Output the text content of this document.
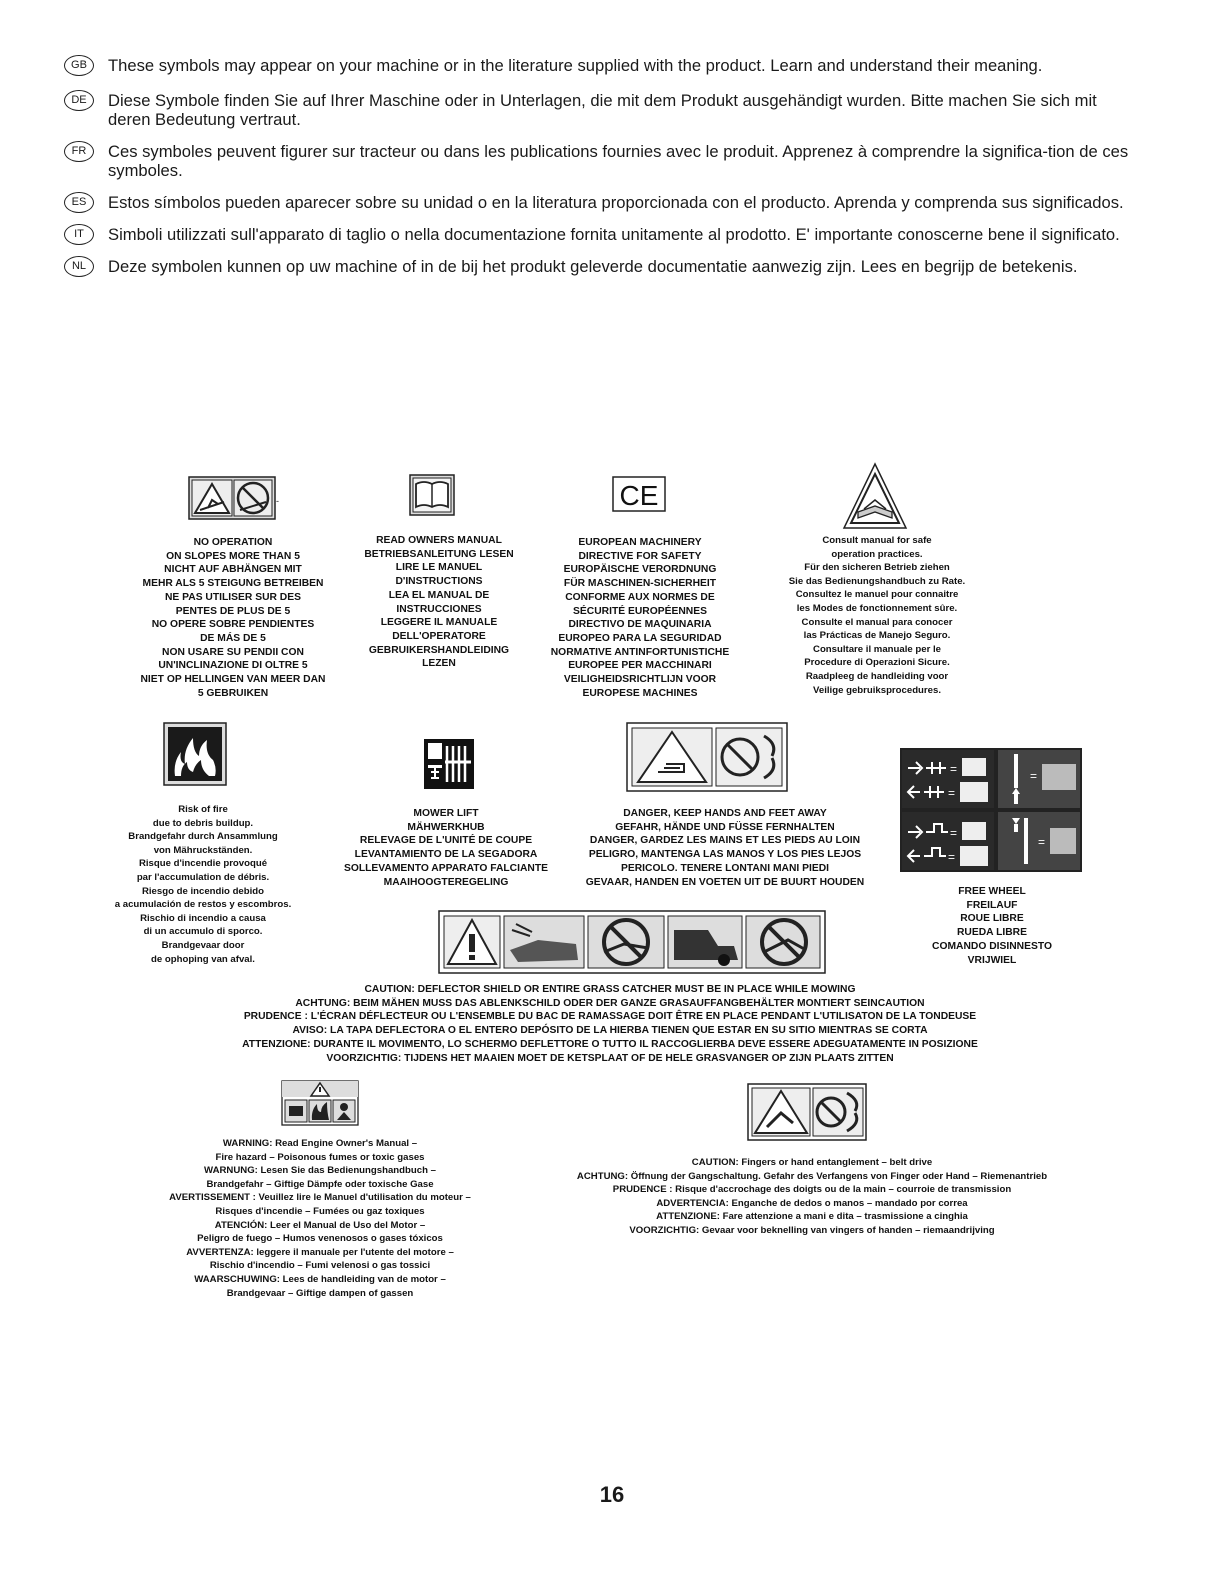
GB	These symbols may appear on your machine or in the literature supplied with the product. Learn and understand their meaning.
DE	Diese Symbole finden Sie auf Ihrer Maschine oder in Unterlagen, die mit dem Produkt ausgehändigt wurden. Bitte machen Sie sich mit deren Bedeutung vertraut.
FR	Ces symboles peuvent figurer sur tracteur ou dans les publications fournies avec le produit. Apprenez à comprendre la significa-tion de ces symboles.
ES	Estos símbolos pueden aparecer sobre su unidad o en la literatura proporcionada con el producto. Aprenda y comprenda sus significados.
IT	Simboli utilizzati sull'apparato di taglio o nella documentazione fornita unitamente al prodotto. E' importante conoscerne bene il significato.
NL	Deze symbolen kunnen op uw machine of in de bij het produkt geleverde documentatie aanwezig zijn. Lees en begrijp de betekenis.
-	CE
NO OPERATION
ON SLOPES MORE THAN 5
NICHT AUF ABHÄNGEN MIT
MEHR ALS 5 STEIGUNG BETREIBEN
NE PAS UTILISER SUR DES
PENTES DE PLUS DE 5
NO OPERE SOBRE PENDIENTES
DE MÁS DE 5
NON USARE SU PENDII CON
UN'INCLINAZIONE DI OLTRE 5
NIET OP HELLINGEN VAN MEER DAN
5 GEBRUIKEN
READ OWNERS MANUAL
BETRIEBSANLEITUNG LESEN
LIRE LE MANUEL
D'INSTRUCTIONS
LEA EL MANUAL DE
INSTRUCCIONES
LEGGERE IL MANUALE
DELL'OPERATORE
GEBRUIKERSHANDLEIDING
LEZEN
EUROPEAN MACHINERY
DIRECTIVE FOR SAFETY
EUROPÄISCHE VERORDNUNG
FÜR MASCHINEN-SICHERHEIT
CONFORME AUX NORMES DE
SÉCURITÉ EUROPÉENNES
DIRECTIVO DE MAQUINARIA
EUROPEO PARA LA SEGURIDAD
NORMATIVE ANTINFORTUNISTICHE
EUROPEE PER MACCHINARI
VEILIGHEIDSRICHTLIJN VOOR
EUROPESE MACHINES
Consult manual for safe
operation practices.
Für den sicheren Betrieb ziehen
Sie das Bedienungshandbuch zu Rate.
Consultez le manuel pour connaitre
les Modes de fonctionnement sûre.
Consulte el manual para conocer
las Prácticas de Manejo Seguro.
Consultare il manuale per le
Procedure di Operazioni Sicure.
Raadpleeg de handleiding voor
Veilige gebruiksprocedures.
=
=
=
=
=
=
Risk of fire
due to debris buildup.
Brandgefahr durch Ansammlung
von Mähruckständen.
Risque d'incendie provoqué
par l'accumulation de débris.
Riesgo de incendio debido
a acumulación de restos y escombros.
Rischio di incendio a causa
di un accumulo di sporco.
Brandgevaar door
de ophoping van afval.
MOWER LIFT
MÄHWERKHUB
RELEVAGE DE L'UNITÉ DE COUPE
LEVANTAMIENTO DE LA SEGADORA
SOLLEVAMENTO APPARATO FALCIANTE
MAAIHOOGTEREGELING
DANGER, KEEP HANDS AND FEET AWAY
GEFAHR, HÄNDE UND FÜSSE FERNHALTEN
DANGER, GARDEZ LES MAINS ET LES PIEDS AU LOIN
PELIGRO, MANTENGA LAS MANOS Y LOS PIES LEJOS
PERICOLO. TENERE LONTANI MANI PIEDI
GEVAAR, HANDEN EN VOETEN UIT DE BUURT HOUDEN
FREE WHEEL
FREILAUF
ROUE LIBRE
RUEDA LIBRE
COMANDO DISINNESTO
VRIJWIEL
CAUTION: DEFLECTOR SHIELD OR ENTIRE GRASS CATCHER MUST BE IN PLACE WHILE MOWING
ACHTUNG: BEIM MÄHEN MUSS DAS ABLENKSCHILD ODER DER GANZE GRASAUFFANGBEHÄLTER MONTIERT SEINCAUTION
PRUDENCE : L'ÉCRAN DÉFLECTEUR OU L'ENSEMBLE DU BAC DE RAMASSAGE DOIT ÊTRE EN PLACE PENDANT L'UTILISATON DE LA TONDEUSE
AVISO: LA TAPA DEFLECTORA O EL ENTERO DEPÓSITO DE LA HIERBA TIENEN QUE ESTAR EN SU SITIO MIENTRAS SE CORTA
ATTENZIONE: DURANTE IL MOVIMENTO, LO SCHERMO DEFLETTORE O TUTTO IL RACCOGLIERBA DEVE ESSERE ADEGUATAMENTE IN POSIZIONE
VOORZICHTIG: TIJDENS HET MAAIEN MOET DE KETSPLAAT OF DE HELE GRASVANGER OP ZIJN PLAATS ZITTEN
WARNING: Read Engine Owner's Manual –
Fire hazard – Poisonous fumes or toxic gases
WARNUNG: Lesen Sie das Bedienungshandbuch –
Brandgefahr – Giftige Dämpfe oder toxische Gase
AVERTISSEMENT : Veuillez lire le Manuel d'utilisation du moteur –
Risques d'incendie – Fumées ou gaz toxiques
ATENCIÓN: Leer el Manual de Uso del Motor –
Peligro de fuego – Humos venenosos o gases tóxicos
AVVERTENZA: leggere il manuale per l'utente del motore –
Rischio d'incendio – Fumi velenosi o gas tossici
WAARSCHUWING: Lees de handleiding van de motor –
Brandgevaar – Giftige dampen of gassen
CAUTION: Fingers or hand entanglement – belt drive
ACHTUNG: Öffnung der Gangschaltung. Gefahr des Verfangens von Finger oder Hand – Riemenantrieb
PRUDENCE : Risque d'accrochage des doigts ou de la main – courroie de transmission
ADVERTENCIA: Enganche de dedos o manos – mandado por correa
ATTENZIONE: Fare attenzione a mani e dita – trasmissione a cinghia
VOORZICHTIG: Gevaar voor beknelling van vingers of handen – riemaandrijving
16
